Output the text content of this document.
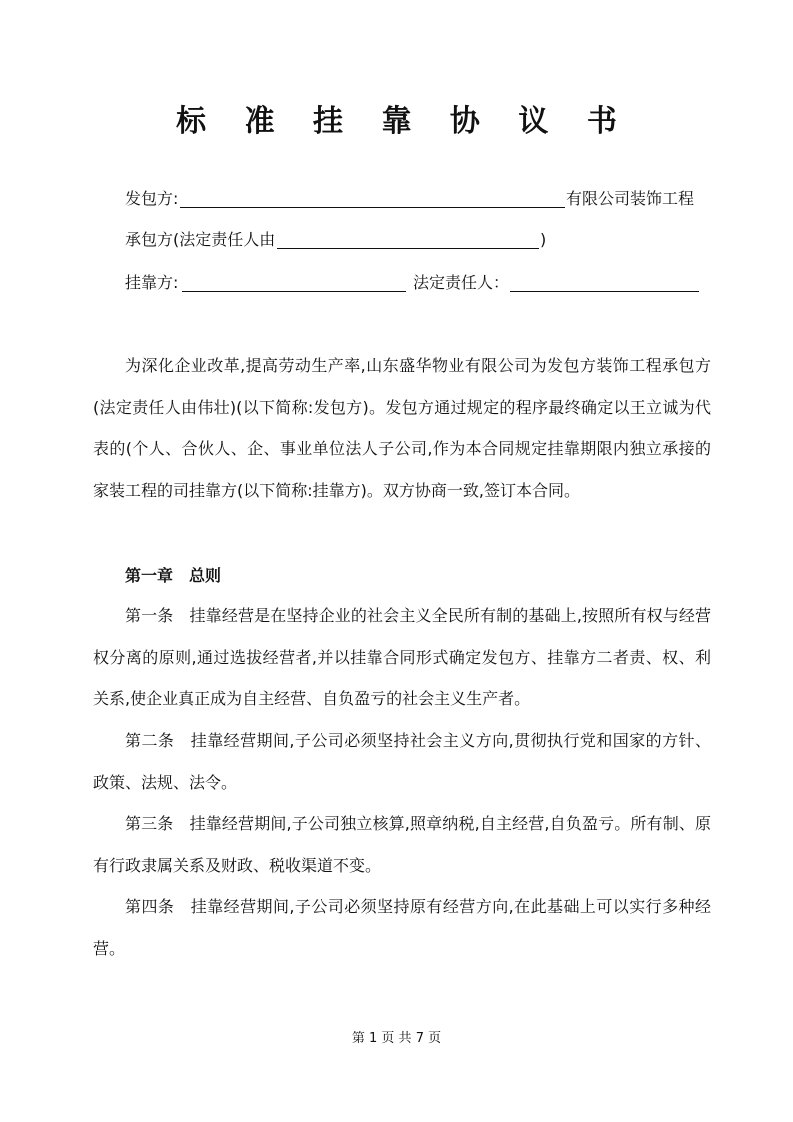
标 准 挂 靠 协 议 书
发包方:	有限公司装饰工程
承包方(法定责任人由	)
挂靠方:	法定责任人：

为深化企业改革,提高劳动生产率,山东盛华物业有限公司为发包方装饰工程承包方(法定责任人由伟壮)(以下简称:发包方)。发包方通过规定的程序最终确定以王立诚为代表的(个人、合伙人、企、事业单位法人子公司,作为本合同规定挂靠期限内独立承接的家装工程的司挂靠方(以下简称:挂靠方)。双方协商一致,签订本合同。

第一章　总则

第一条　挂靠经营是在坚持企业的社会主义全民所有制的基础上,按照所有权与经营权分离的原则,通过选拔经营者,并以挂靠合同形式确定发包方、挂靠方二者责、权、利关系,使企业真正成为自主经营、自负盈亏的社会主义生产者。

第二条　挂靠经营期间,子公司必须坚持社会主义方向,贯彻执行党和国家的方针、政策、法规、法令。

第三条　挂靠经营期间,子公司独立核算,照章纳税,自主经营,自负盈亏。所有制、原有行政隶属关系及财政、税收渠道不变。

第四条　挂靠经营期间,子公司必须坚持原有经营方向,在此基础上可以实行多种经营。

第 1 页 共 7 页
